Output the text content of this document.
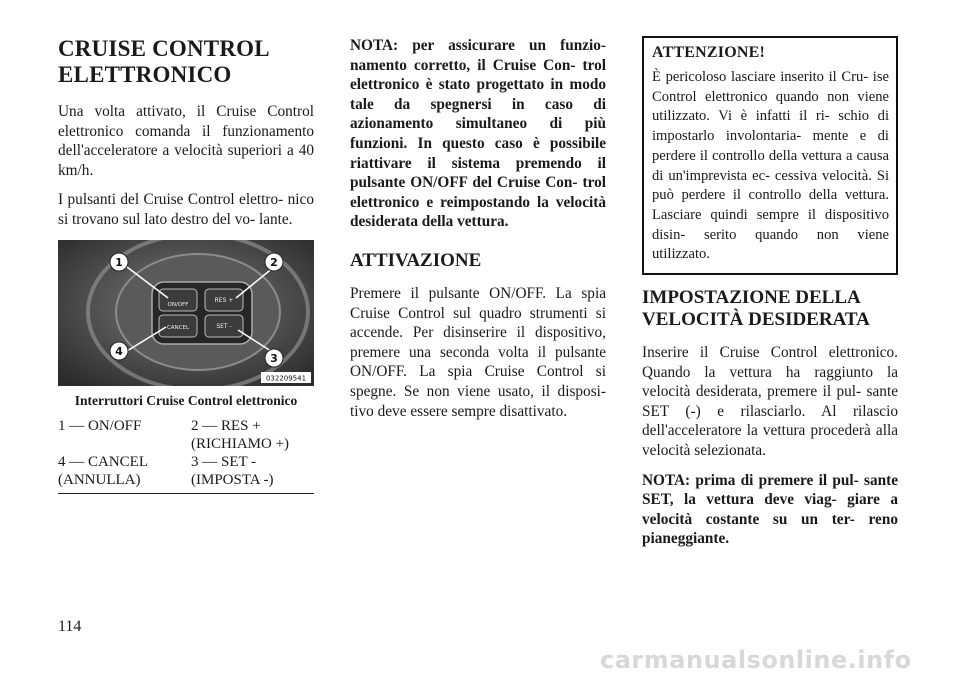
CRUISE CONTROL ELETTRONICO

Una volta attivato, il Cruise Control elettronico comanda il funzionamento dell'acceleratore a velocità superiori a 40 km/h.

I pulsanti del Cruise Control elettro- nico si trovano sul lato destro del vo- lante.

ON/OFF
RES +
CANCEL	SET -
1	2
3
4
032209541
Interruttori Cruise Control elettronico
1 — ON/OFF	2 — RES + (RICHIAMO +)
4 — CANCEL (ANNULLA)	3 — SET - (IMPOSTA -)

NOTA: per assicurare un funzio- namento corretto, il Cruise Con- trol elettronico è stato progettato in modo tale da spegnersi in caso di azionamento simultaneo di più funzioni. In questo caso è possibile riattivare il sistema premendo il pulsante ON/OFF del Cruise Con- trol elettronico e reimpostando la velocità desiderata della vettura.

ATTIVAZIONE

Premere il pulsante ON/OFF. La spia Cruise Control sul quadro strumenti si accende. Per disinserire il dispositivo, premere una seconda volta il pulsante ON/OFF. La spia Cruise Control si spegne. Se non viene usato, il disposi- tivo deve essere sempre disattivato.

ATTENZIONE!

È pericoloso lasciare inserito il Cru- ise Control elettronico quando non viene utilizzato. Vi è infatti il ri- schio di impostarlo involontaria- mente e di perdere il controllo della vettura a causa di un'imprevista ec- cessiva velocità. Si può perdere il controllo della vettura. Lasciare quindi sempre il dispositivo disin- serito quando non viene utilizzato.

IMPOSTAZIONE DELLA VELOCITÀ DESIDERATA

Inserire il Cruise Control elettronico. Quando la vettura ha raggiunto la velocità desiderata, premere il pul- sante SET (-) e rilasciarlo. Al rilascio dell'acceleratore la vettura procederà alla velocità selezionata.

NOTA: prima di premere il pul- sante SET, la vettura deve viag- giare a velocità costante su un ter- reno pianeggiante.

114
carmanualsonline.info
